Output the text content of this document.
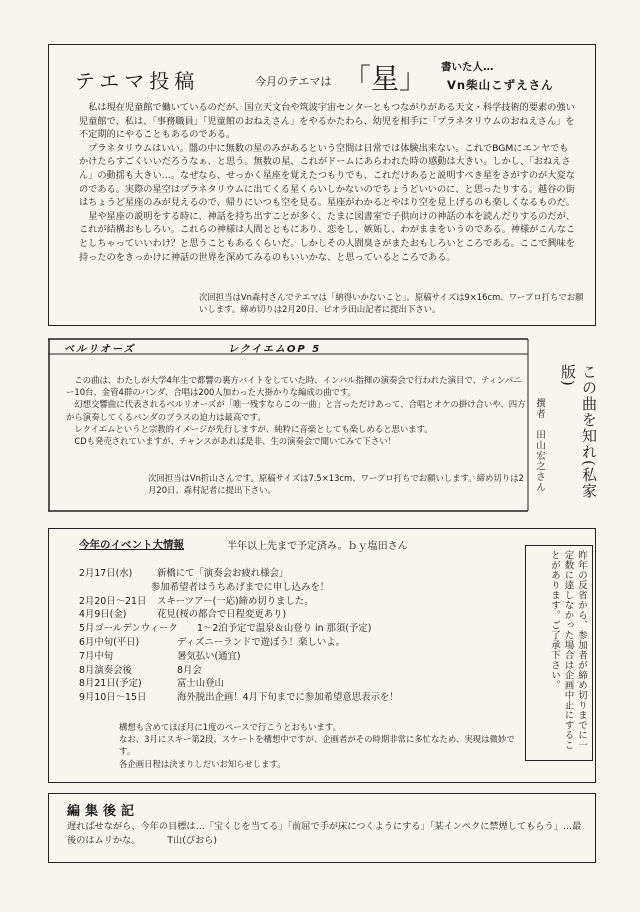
テエマ投稿	今月のテエマは 「星」 書いた人…
Vn柴山こずえさん

私は現在児童館で働いているのだが、国立天文台や筑波宇宙センターともつながりがある天文・科学技術的要素の強い児童館で、私は、「事務職員」「児童館のおねえさん」をやるかたわら、幼児を相手に「プラネタリウムのおねえさん」を不定期的にやることもあるのである。

プラネタリウムはいい。闇の中に無数の星のみがあるという空間は日常では体験出来ない。これでBGMにエンヤでもかけたらすごくいいだろうなぁ、と思う。無数の星、これがドームにあらわれた時の感動は大きい。しかし、「おねえさん」の動揺も大きい…。なぜなら、せっかく星座を覚えたつもりでも、これだけあると説明すべき星をさがすのが大変なのである。実際の星空はプラネタリウムに出てくる星くらいしかないのでちょうどいいのに、と思ったりする。越谷の街はちょうど星座のみが見えるので、帰りにいつも空を見る。星座がわかるとやはり空を見上げるのも楽しくなるものだ。

星や星座の説明をする時に、神話を持ち出すことが多く、たまに図書室で子供向けの神話の本を読んだりするのだが、これが結構おもしろい。これらの神様は人間とともにあり、恋をし、嫉妬し、わがままをいうのである。神様がこんなことしちゃっていいわけ？と思うこともあるくらいだ。しかしその人間臭さがまたおもしろいところである。ここで興味を持ったのをきっかけに神話の世界を深めてみるのもいいかな、と思っているところである。

次回担当はVn森村さんでテエマは「納得いかないこと」。原稿サイズは9×16cm、ワープロ打ちでお願いします。締め切りは2月20日、ピオラ田山記者に提出下さい。
ベルリオーズ	レクイエムOP 5

この曲は、わたしが大学4年生で都響の裏方バイトをしていた時、インバル指揮の演奏会で行われた演目で、ティンパニー10台、金管4群のバンダ、合唱は200人加わった大掛かりな編成の曲です。

幻想交響曲に代表されるベルリオーズが「唯一残すならこの一曲」と言っただけあって、合唱とオケの掛け合いや、四方から演奏してくるバンダのブラスの迫力は最高です。

レクイエムというと宗教的イメージが先行しますが、純粋に音楽としても楽しめると思います。

CDも発売されていますが、チャンスがあれば是非、生の演奏会で聞いてみて下さい！

次回担当はVn折山さんです。原稿サイズは7.5×13cm、ワープロ打ちでお願いします。締め切りは2月20日、森村記者に提出下さい。	この曲を知れ(私家版)
撰者　田山宏之さん
今年のイベント大情報	半年以上先まで予定済み。ｂｙ塩田さん
2月17日(水)	新橋にて「演奏会お疲れ様会」
参加希望者はうちあげまでに申し込みを！
2月20日～21日 スキーツアー(一応)締め切りました。
4月9日(金)	花見(桜の都合で日程変更あり)
5月ゴールデンウィーク 1～2泊予定で温泉＆山登り in 那須(予定)
6月中旬(平日)	ディズニーランドで遊ぼう！楽しいよ。
7月中旬	暑気払い(通宜)
8月演奏会後	8月会
8月21日(予定)	富士山登山
9月10日～15日	海外脱出企画！4月下旬までに参加希望意思表示を！
構想も含めてほぼ月に1度のペースで行こうとおもいます。
なお、3月にスキー第2段、スケートを構想中ですが、企画者がその時期非常に多忙なため、実現は微妙です。
各企画日程は決まりしだいお知らせします。
昨年の反省から、参加者が締め切りまでに一定数に達しなかった場合は企画中止にすることがあります。ご了承下さい。
編集後記
遅ればせながら、今年の目標は…「宝くじを当てる」「前屈で手が床につくようにする」「某インペクに禁煙してもらう」…最後のはムリかな。	T山(ぴおら)
